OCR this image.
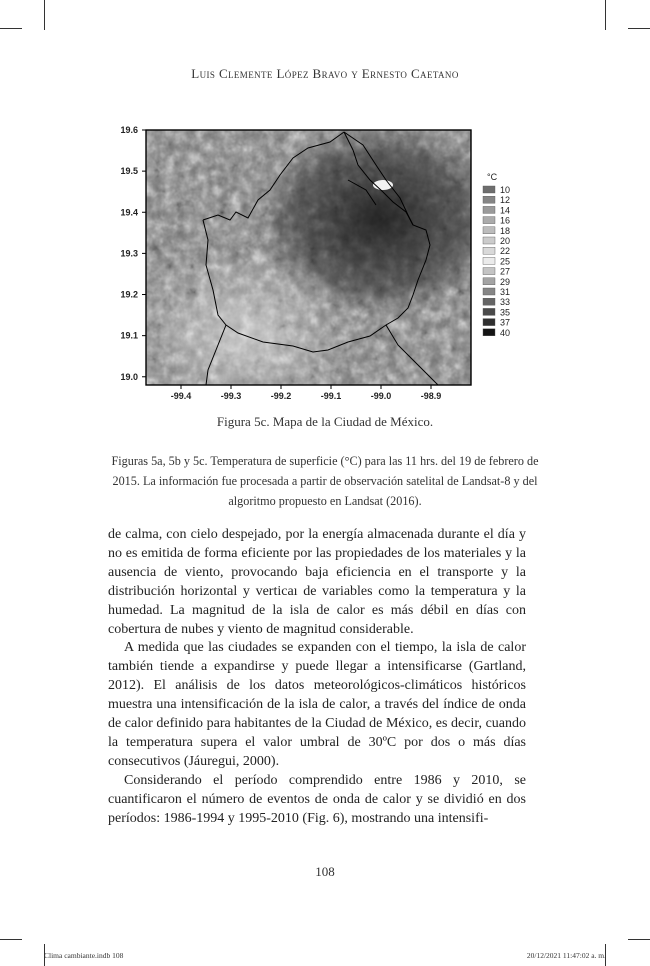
Luis Clemente López Bravo y Ernesto Caetano
19.6
19.5
19.4
19.3
19.2
19.1
19.0
-99.4	-99.3	-99.2	-99.1	-99.0	-98.9
°C
10
12
14
16
18
20
22
25
27
29
31
33
35
37
40
Figura 5c. Mapa de la Ciudad de México.
Figuras 5a, 5b y 5c. Temperatura de superficie (°C) para las 11 hrs. del 19 de febrero de 2015. La información fue procesada a partir de observación satelital de Landsat-8 y del algoritmo propuesto en Landsat (2016).

de calma, con cielo despejado, por la energía almacenada durante el día y no es emitida de forma eficiente por las propiedades de los materiales y la ausencia de viento, provocando baja eficiencia en el transporte y la distribución horizontal y verticaı de variables como la temperatura y la humedad. La magnitud de la isla de calor es más débil en días con cobertura de nubes y viento de magnitud considerable.

A medida que las ciudades se expanden con el tiempo, la isla de calor también tiende a expandirse y puede llegar a intensificarse (Gartland, 2012). El análisis de los datos meteorológicos-climáticos históricos muestra una intensificación de la isla de calor, a través del índice de onda de calor definido para habitantes de la Ciudad de México, es decir, cuando la temperatura supera el valor umbral de 30ºC por dos o más días consecutivos (Jáuregui, 2000).

Considerando el período comprendido entre 1986 y 2010, se cuantificaron el número de eventos de onda de calor y se dividió en dos períodos: 1986-1994 y 1995-2010 (Fig. 6), mostrando una intensifi-

108
Clima cambiante.indb 108	20/12/2021 11:47:02 a. m.
